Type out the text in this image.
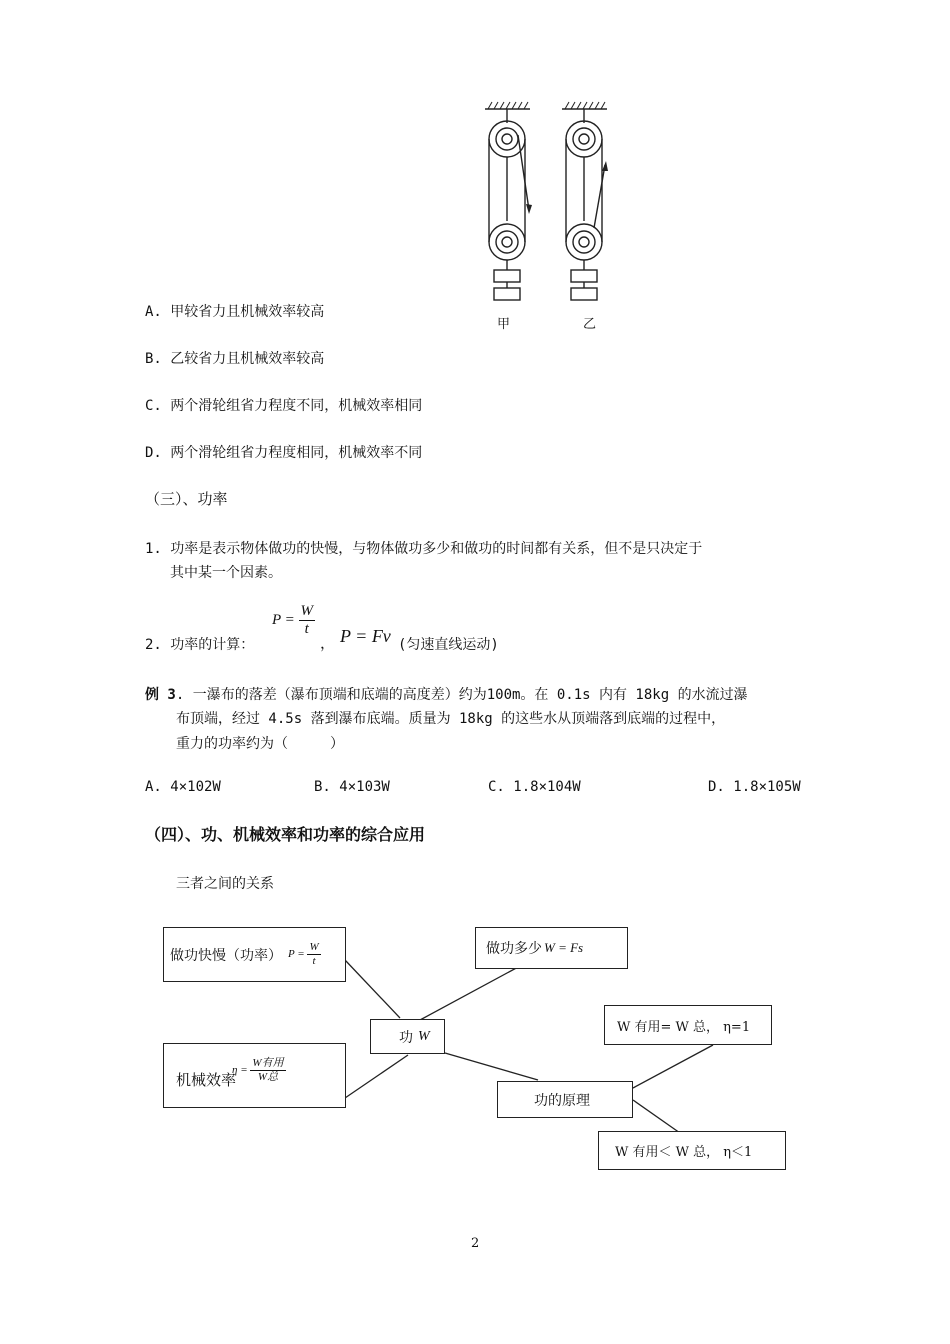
甲	乙
A. 甲较省力且机械效率较高
B. 乙较省力且机械效率较高
C. 两个滑轮组省力程度不同，机械效率相同
D. 两个滑轮组省力程度相同，机械效率不同
（三）、功率
1. 功率是表示物体做功的快慢，与物体做功多少和做功的时间都有关系，但不是只决定于
其中某一个因素。
2. 功率的计算：
$P = \frac{W}{t}$
， P = Fv (匀速直线运动)
例 3. 一瀑布的落差（瀑布顶端和底端的高度差）约为100m。在 0.1s 内有 18kg 的水流过瀑
布顶端，经过 4.5s 落到瀑布底端。质量为 18kg 的这些水从顶端落到底端的过程中，
重力的功率约为（　　　）
A. 4×102W	B. 4×103W	C. 1.8×104W	D. 1.8×105W
（四）、功、机械效率和功率的综合应用
三者之间的关系
做功快慢（功率） $P = \frac{W}{t}$	做功多少 W = Fs
功 W
机械效率
$\eta = \frac{\text{W有用}}{\text{W总}}$
功的原理
W 有用= W 总， η=1
W 有用＜ W 总， η＜1
2
